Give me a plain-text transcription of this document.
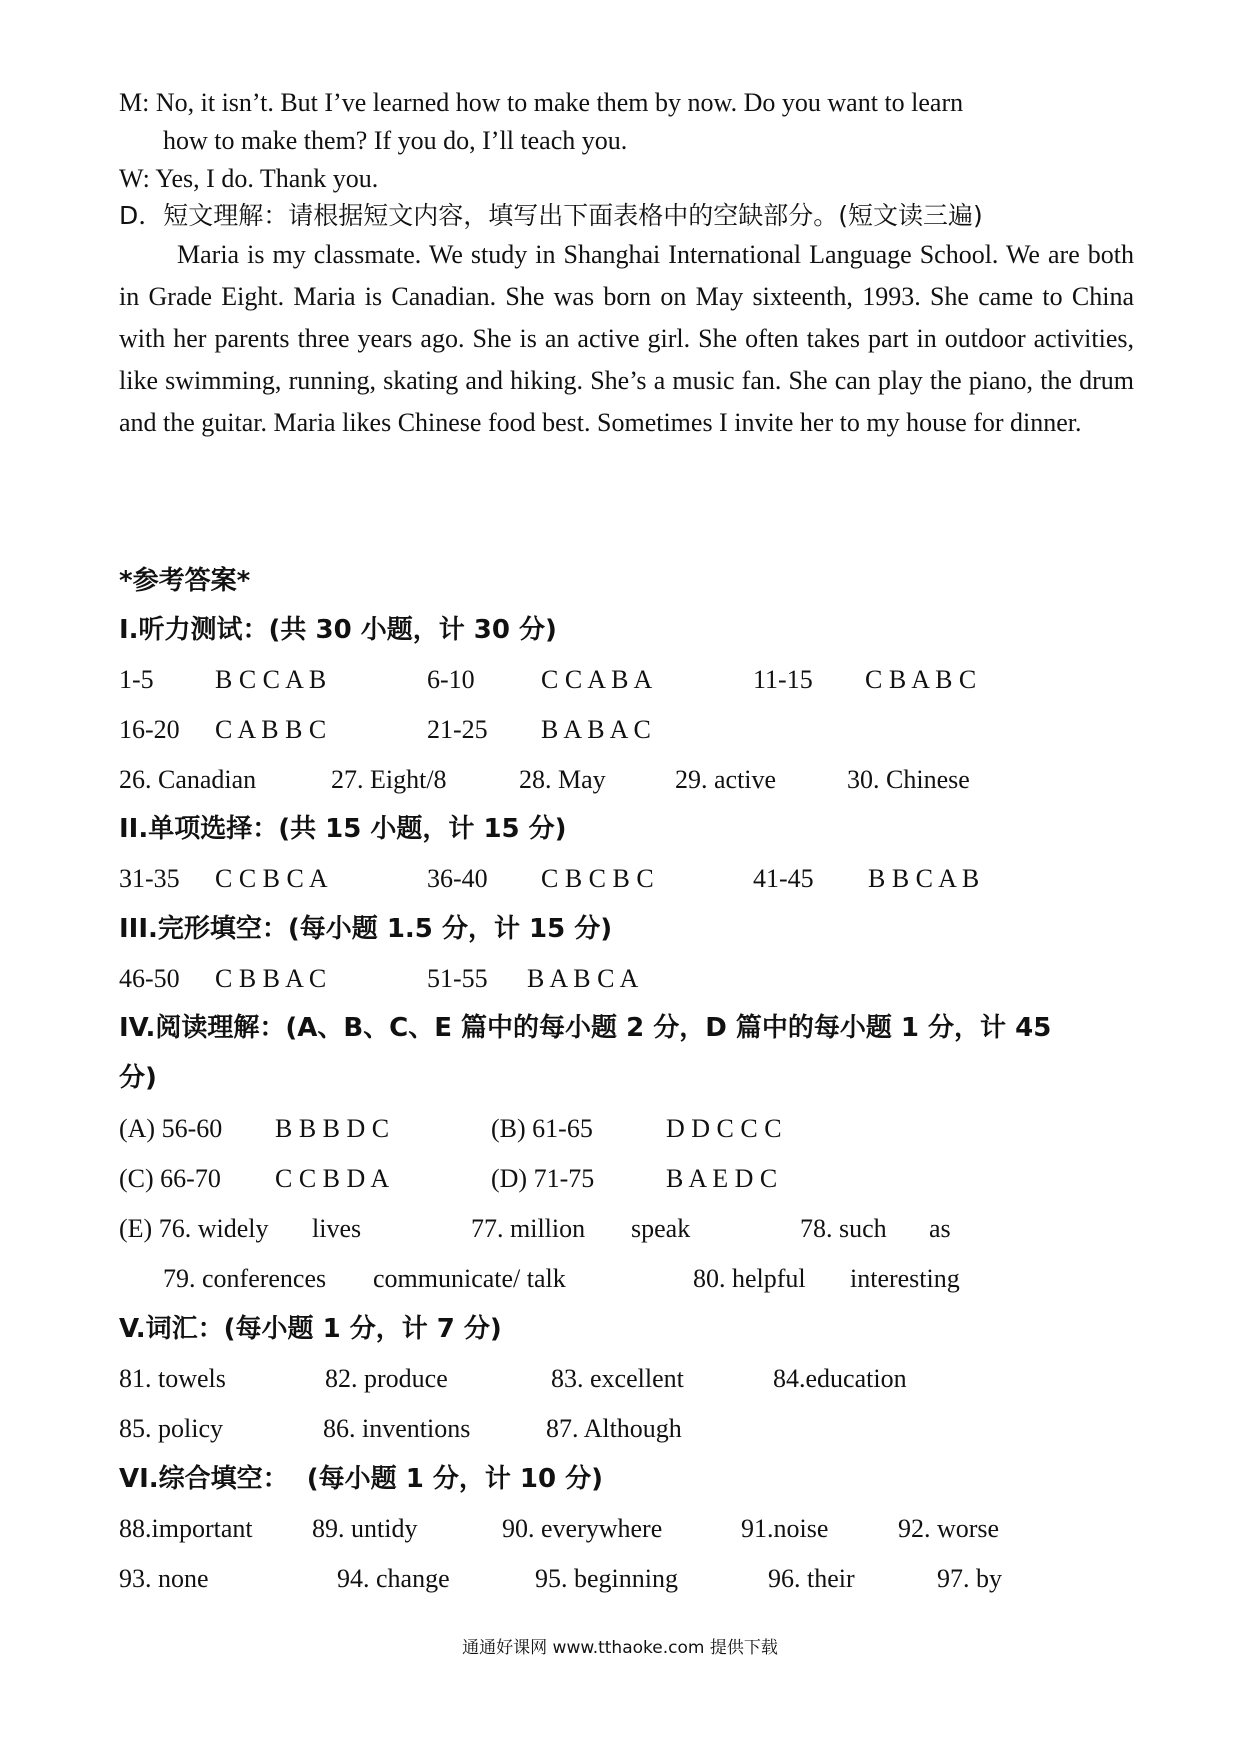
M: No, it isn’t. But I’ve learned how to make them by now. Do you want to learn
how to make them? If you do, I’ll teach you.
W: Yes, I do. Thank you.
D．短文理解：请根据短文内容，填写出下面表格中的空缺部分。(短文读三遍)
Maria is my classmate. We study in Shanghai International Language School. We are both in Grade Eight. Maria is Canadian. She was born on May sixteenth, 1993. She came to China with her parents three years ago. She is an active girl. She often takes part in outdoor activities, like swimming, running, skating and hiking. She’s a music fan. She can play the piano, the drum and the guitar. Maria likes Chinese food best. Sometimes I invite her to my house for dinner.
*参考答案*
I.听力测试：(共 30 小题，计 30 分)
1-5 B C C A B	6-10	C C A B A	11-15 C B A B C
16-20 C A B B C	21-25 B A B A C
26. Canadian	27. Eight/8	28. May	29. active	30. Chinese
II.单项选择：(共 15 小题，计 15 分)
31-35 C C B C A	36-40 C B C B C	41-45 B B C A B
III.完形填空：(每小题 1.5 分，计 15 分)
46-50 C B B A C	51-55 B A B C A
IV.阅读理解：(A、B、C、E 篇中的每小题 2 分，D 篇中的每小题 1 分，计 45
分)
(A) 56-60 B B B D C	(B) 61-65	D D C C C
(C) 66-70 C C B D A	(D) 71-75	B A E D C
(E) 76. widely lives	77. million speak	78. such as
79. conferences communicate/ talk	80. helpful interesting
V.词汇：(每小题 1 分，计 7 分)
81. towels	82. produce	83. excellent	84.education
85. policy	86. inventions	87. Although
VI.综合填空：  (每小题 1 分，计 10 分)
88.important 89. untidy	90. everywhere	91.noise	92. worse
93. none	94. change	95. beginning	96. their	97. by
通通好课网 www.tthaoke.com 提供下载
